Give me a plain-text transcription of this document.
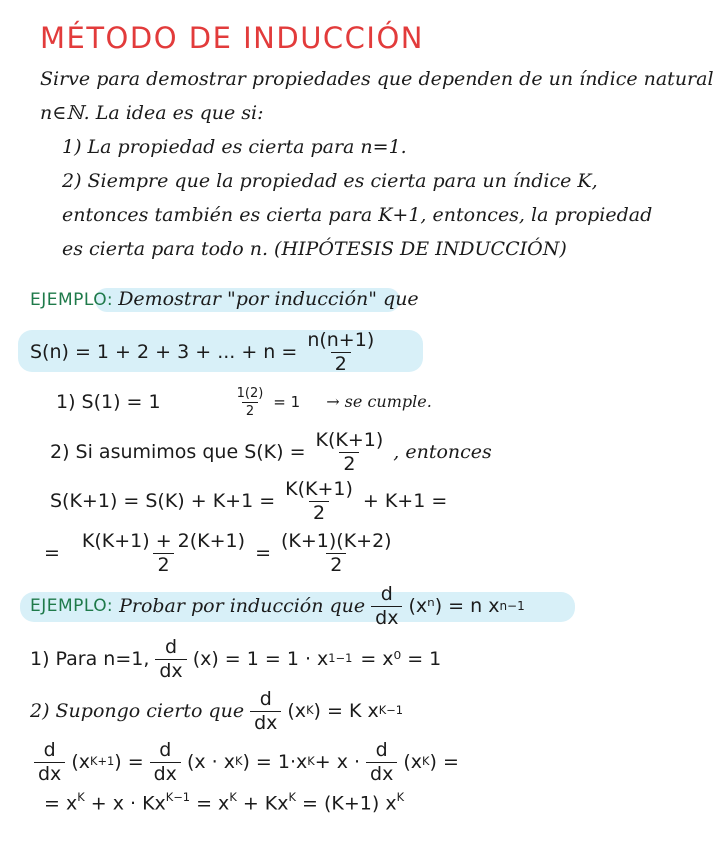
MÉTODO DE INDUCCIÓN
Sirve para demostrar propiedades que dependen de un índice natural
n∈ℕ. La idea es que si:
1) La propiedad es cierta para n=1.
2) Siempre que la propiedad es cierta para un índice K,
entonces también es cierta para K+1, entonces, la propiedad
es cierta para todo n. (HIPÓTESIS DE INDUCCIÓN)
EJEMPLO: Demostrar "por inducción" que
S(n) = 1 + 2 + 3 + ... + $n = \frac{n(n+1)}{2}$
1) S(1) = 1	$\frac{1(2)}{2} = 1$ → se cumple.
2) Si asumimos que $S(K) = \frac{K(K+1)}{2}$ , entonces
$S(K+1) = S(K) + K+1 = \frac{K(K+1)}{2} + K+1$ =
= $\frac{K(K+1) + 2(K+1)}{2} = \frac{(K+1)(K+2)}{2}$
EJEMPLO: Probar por inducción que $\frac{d}{dx} (x^n) = n$ x n−1
1) Para n=1, $\frac{d}{dx} (x) = 1 = 1 \cdot x$ 1−1 = x⁰ = 1
2) Supongo cierto que $\frac{d}{dx} (x$ K ) = K x K−1
$\frac{d}{dx} (x$ K+1 ) = $\frac{d}{dx} (x \cdot x$ K ) = 1·x $K + x \cdot \frac{d}{dx} (x$ K ) =
= $x^K + x \cdot Kx^{K-1} = x^K + Kx^K = (K+1)$ $x^K$
